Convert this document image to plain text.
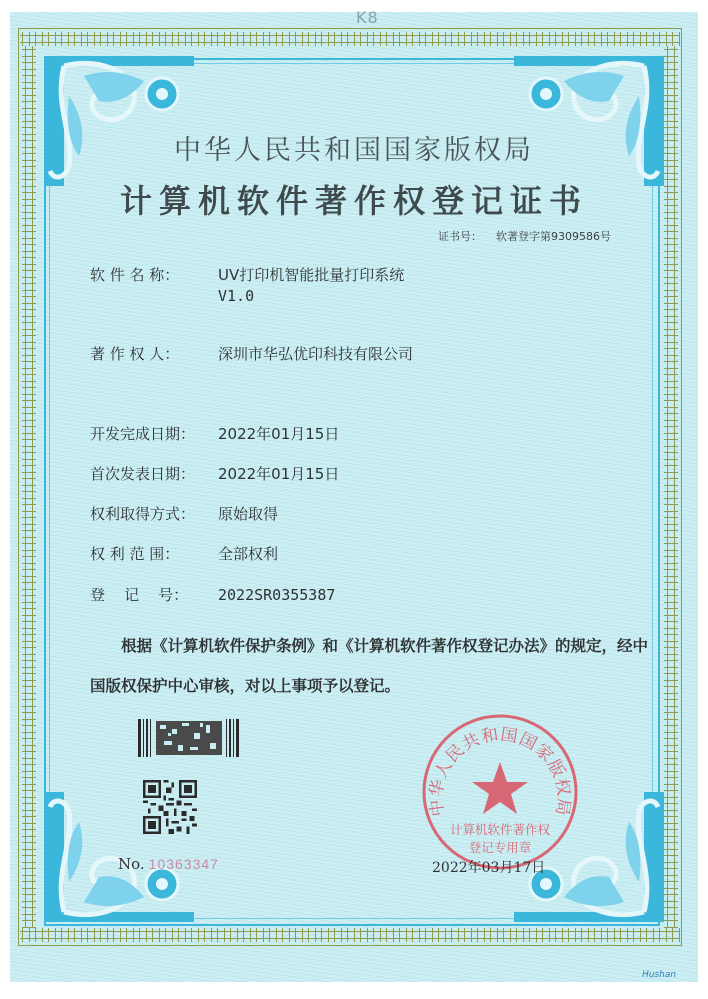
K8
中华人民共和国国家版权局
计算机软件著作权登记证书
证书号： 软著登字第9309586号
软 件 名 称：	UV打印机智能批量打印系统
V1.0
著 作 权 人：	深圳市华弘优印科技有限公司
开发完成日期： 2022年01月15日
首次发表日期： 2022年01月15日
权利取得方式： 原始取得
权 利 范 围：	全部权利
登    记    号： 2022SR0355387
根据《计算机软件保护条例》和《计算机软件著作权登记办法》的规定，经中国版权保护中心审核，对以上事项予以登记。
No. 10363347
中华人民共和国国家版权局
计算机软件著作权
登记专用章
2022年03月17日
Hushan
